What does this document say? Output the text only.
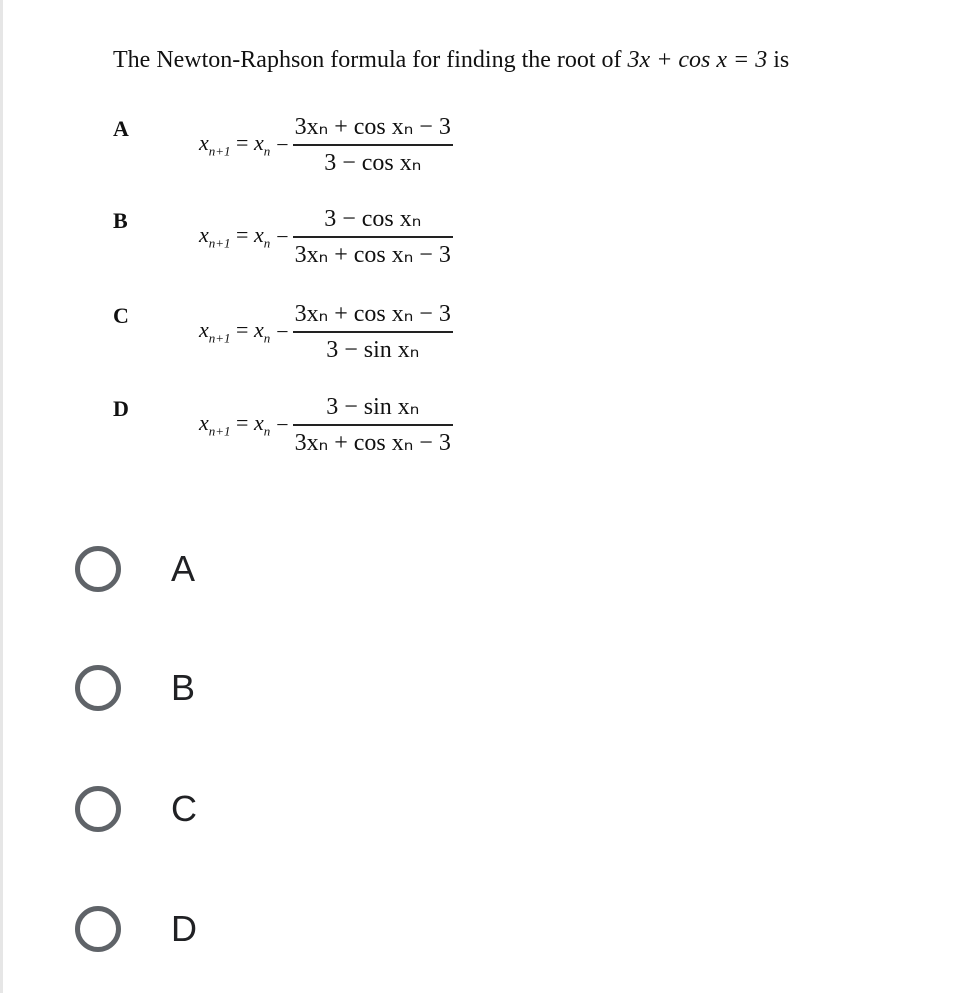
The Newton-Raphson formula for finding the root of 3x + cos x = 3 is
A
$x_{n+1} = x_n - \frac{\text{3xₙ + cos xₙ − 3}}{\text{3 − cos xₙ}}$
B
$x_{n+1} = x_n - \frac{\text{3 − cos xₙ}}{\text{3xₙ + cos xₙ − 3}}$
C
$x_{n+1} = x_n - \frac{\text{3xₙ + cos xₙ − 3}}{\text{3 − sin xₙ}}$
D
$x_{n+1} = x_n - \frac{\text{3 − sin xₙ}}{\text{3xₙ + cos xₙ − 3}}$
A
B
C
D
